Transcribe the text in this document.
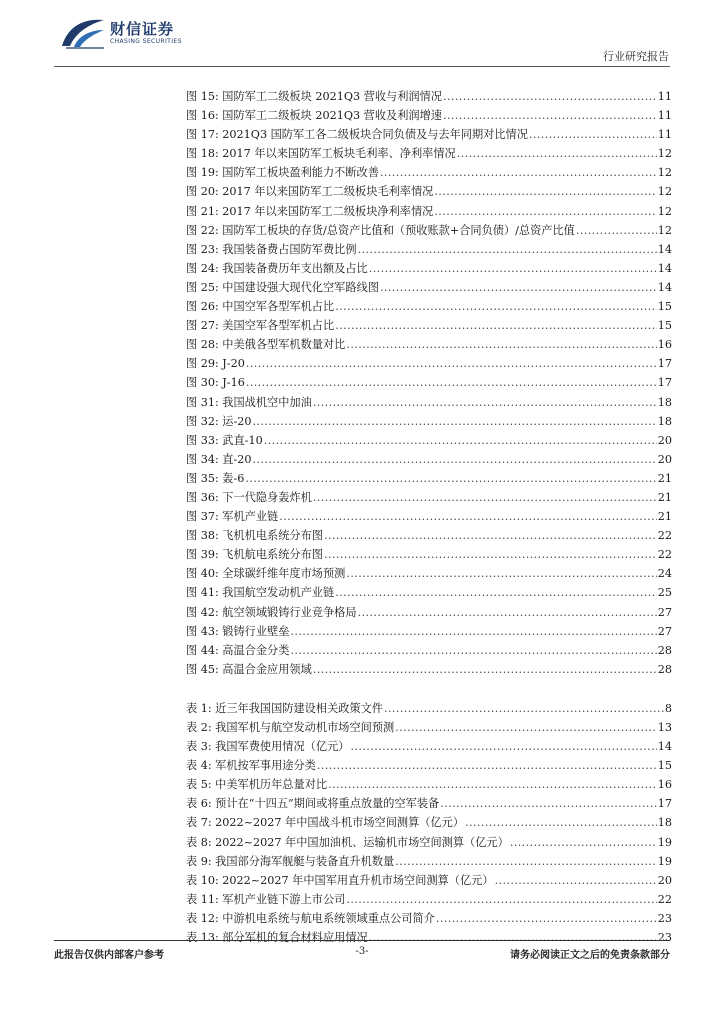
财信证券
CHASING SECURITIES
行业研究报告
图 15: 国防军工二级板块 2021Q3 营收与利润情况 .....	11
图 16: 国防军工二级板块 2021Q3 营收及利润增速 .....	11
图 17: 2021Q3 国防军工各二级板块合同负债及与去年同期对比情况 .....	11
图 18: 2017 年以来国防军工板块毛利率、净利率情况 .....	12
图 19: 国防军工板块盈利能力不断改善 .....	12
图 20: 2017 年以来国防军工二级板块毛利率情况 .....	12
图 21: 2017 年以来国防军工二级板块净利率情况 .....	12
图 22: 国防军工板块的存货/总资产比值和（预收账款+合同负债）/总资产比值 .....	12
图 23: 我国装备费占国防军费比例 .....	14
图 24: 我国装备费历年支出额及占比 .....	14
图 25: 中国建设强大现代化空军路线图 .....	14
图 26: 中国空军各型军机占比 .....	15
图 27: 美国空军各型军机占比 .....	15
图 28: 中美俄各型军机数量对比 .....	16
图 29: J-20 .....	17
图 30: J-16 .....	17
图 31: 我国战机空中加油 .....	18
图 32: 运-20 .....	18
图 33: 武直-10 .....	20
图 34: 直-20 .....	20
图 35: 轰-6 .....	21
图 36: 下一代隐身轰炸机 .....	21
图 37: 军机产业链 .....	21
图 38: 飞机机电系统分布图 .....	22
图 39: 飞机航电系统分布图 .....	22
图 40: 全球碳纤维年度市场预测 .....	24
图 41: 我国航空发动机产业链 .....	25
图 42: 航空领域锻铸行业竞争格局 .....	27
图 43: 锻铸行业壁垒 .....	27
图 44: 高温合金分类 .....	28
图 45: 高温合金应用领域 .....	28
表 1: 近三年我国国防建设相关政策文件 .....	8
表 2: 我国军机与航空发动机市场空间预测 .....	13
表 3: 我国军费使用情况（亿元） .....	14
表 4: 军机按军事用途分类 .....	15
表 5: 中美军机历年总量对比 .....	16
表 6: 预计在“十四五”期间或将重点放量的空军装备 .....	17
表 7: 2022~2027 年中国战斗机市场空间测算（亿元） .....	18
表 8: 2022~2027 年中国加油机、运输机市场空间测算（亿元） .....	19
表 9: 我国部分海军舰艇与装备直升机数量 .....	19
表 10: 2022~2027 年中国军用直升机市场空间测算（亿元） .....	20
表 11: 军机产业链下游上市公司 .....	22
表 12: 中游机电系统与航电系统领域重点公司简介 .....	23
表 13: 部分军机的复合材料应用情况 .....	23
此报告仅供内部客户参考	-3-	请务必阅读正文之后的免责条款部分
